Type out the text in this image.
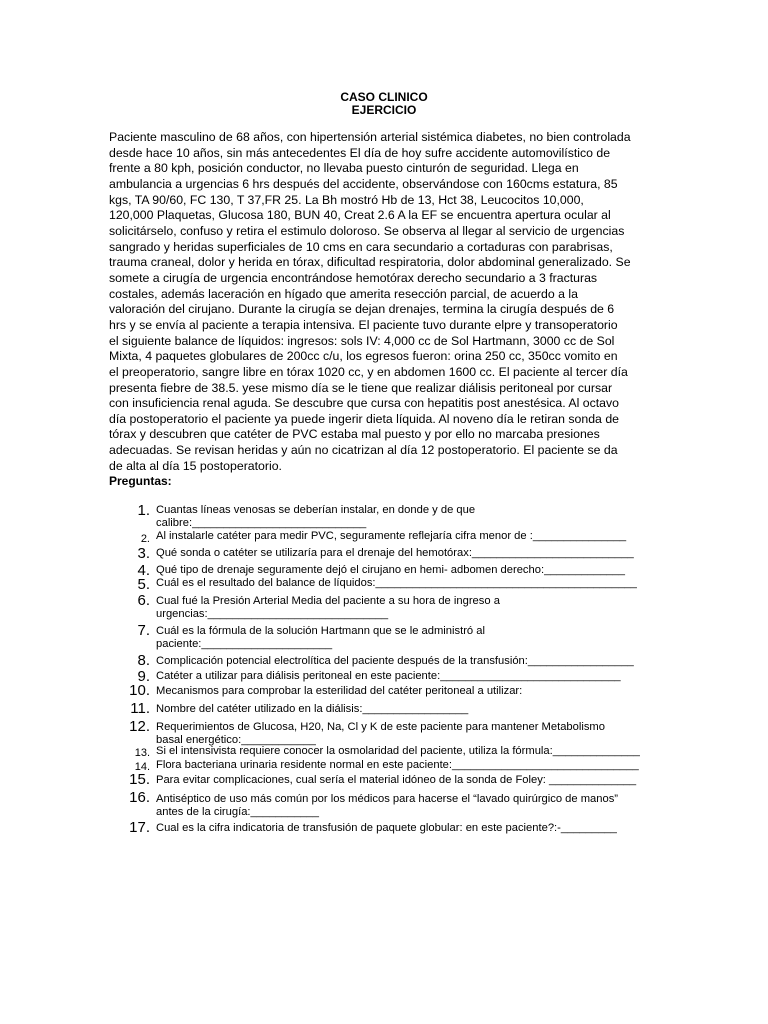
CASO CLINICO
EJERCICIO
Paciente masculino de 68 años, con hipertensión arterial sistémica diabetes, no bien controlada
desde hace 10 años, sin más antecedentes El día de hoy sufre accidente automovilístico de
frente a 80 kph, posición conductor, no llevaba puesto cinturón de seguridad. Llega en
ambulancia a urgencias 6 hrs después del accidente, observándose con 160cms estatura, 85
kgs, TA 90/60, FC 130, T 37,FR 25. La Bh mostró Hb de 13, Hct 38, Leucocitos 10,000,
120,000 Plaquetas, Glucosa 180, BUN 40, Creat 2.6 A la EF se encuentra apertura ocular al
solicitárselo, confuso y retira el estimulo doloroso. Se observa al llegar al servicio de urgencias
sangrado y heridas superficiales de 10 cms en cara secundario a cortaduras con parabrisas,
trauma craneal, dolor y herida en tórax, dificultad respiratoria, dolor abdominal generalizado. Se
somete a cirugía de urgencia encontrándose hemotórax derecho secundario a 3 fracturas
costales, además laceración en hígado que amerita resección parcial, de acuerdo a la
valoración del cirujano. Durante la cirugía se dejan drenajes, termina la cirugía después de 6
hrs y se envía al paciente a terapia intensiva. El paciente tuvo durante elpre y transoperatorio
el siguiente balance de líquidos: ingresos: sols IV: 4,000 cc de Sol Hartmann, 3000 cc de Sol
Mixta, 4 paquetes globulares de 200cc c/u, los egresos fueron: orina 250 cc, 350cc vomito en
el preoperatorio, sangre libre en tórax 1020 cc, y en abdomen 1600 cc. El paciente al tercer día
presenta fiebre de 38.5. yese mismo día se le tiene que realizar diálisis peritoneal por cursar
con insuficiencia renal aguda. Se descubre que cursa con hepatitis post anestésica. Al octavo
día postoperatorio el paciente ya puede ingerir dieta líquida. Al noveno día le retiran sonda de
tórax y descubren que catéter de PVC estaba mal puesto y por ello no marcaba presiones
adecuadas. Se revisan heridas y aún no cicatrizan al día 12 postoperatorio. El paciente se da
de alta al día 15 postoperatorio.
Preguntas:
1. Cuantas líneas venosas se deberían instalar, en donde y de que
calibre:____________________________
2. Al instalarle catéter para medir PVC, seguramente reflejaría cifra menor de :_______________
3. Qué sonda o catéter se utilizaría para el drenaje del hemotórax:__________________________
4. Qué tipo de drenaje seguramente dejó el cirujano en hemi- adbomen derecho:_____________
5. Cuál es el resultado del balance de líquidos:__________________________________________
6. Cual fué la Presión Arterial Media del paciente a su hora de ingreso a
urgencias:_____________________________
7. Cuál es la fórmula de la solución Hartmann que se le administró al
paciente:_____________________
8. Complicación potencial electrolítica del paciente después de la transfusión:_________________
9. Catéter a utilizar para diálisis peritoneal en este paciente:_____________________________
10. Mecanismos para comprobar la esterilidad del catéter peritoneal a utilizar:
11. Nombre del catéter utilizado en la diálisis:_________________
12. Requerimientos de Glucosa, H20, Na, Cl y K de este paciente para mantener Metabolismo
basal energético:____________
13. Si el intensivista requiere conocer la osmolaridad del paciente, utiliza la fórmula:______________
14. Flora bacteriana urinaria residente normal en este paciente:______________________________
15. Para evitar complicaciones, cual sería el material idóneo de la sonda de Foley: ______________
16. Antiséptico de uso más común por los médicos para hacerse el “lavado quirúrgico de manos”
antes de la cirugía:___________
17. Cual es la cifra indicatoria de transfusión de paquete globular: en este paciente?:-_________
